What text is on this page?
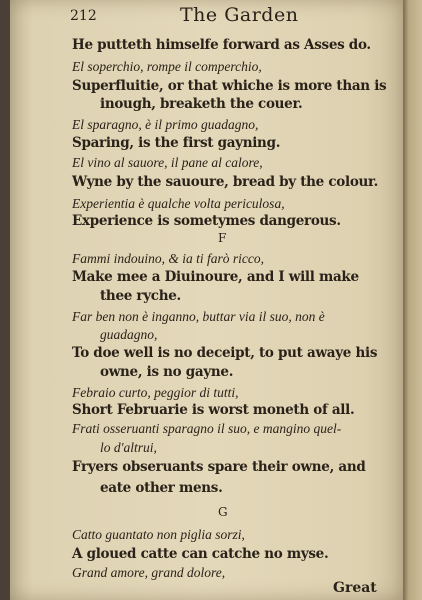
212	The Garden
He putteth himselfe forward as Asses do.
El soperchio, rompe il comperchio,
Superfluitie, or that whiche is more than is
inough, breaketh the couer.
El sparagno, è il primo guadagno,
Sparing, is the first gayning.
El vino al sauore, il pane al calore,
Wyne by the sauoure, bread by the colour.
Experientia è qualche volta periculosa,
Experience is sometymes dangerous.
F
Fammi indouino, & ia ti farò ricco,
Make mee a Diuinoure, and I will make
thee ryche.
Far ben non è inganno, buttar via il suo, non è
guadagno,
To doe well is no deceipt, to put awaye his
owne, is no gayne.
Febraio curto, peggior di tutti,
Short Februarie is worst moneth of all.
Frati osseruanti sparagno il suo, e mangino quel-
lo d'altrui,
Fryers obseruants spare their owne, and
eate other mens.
G
Catto guantato non piglia sorzi,
A gloued catte can catche no myse.
Grand amore, grand dolore,
Great
